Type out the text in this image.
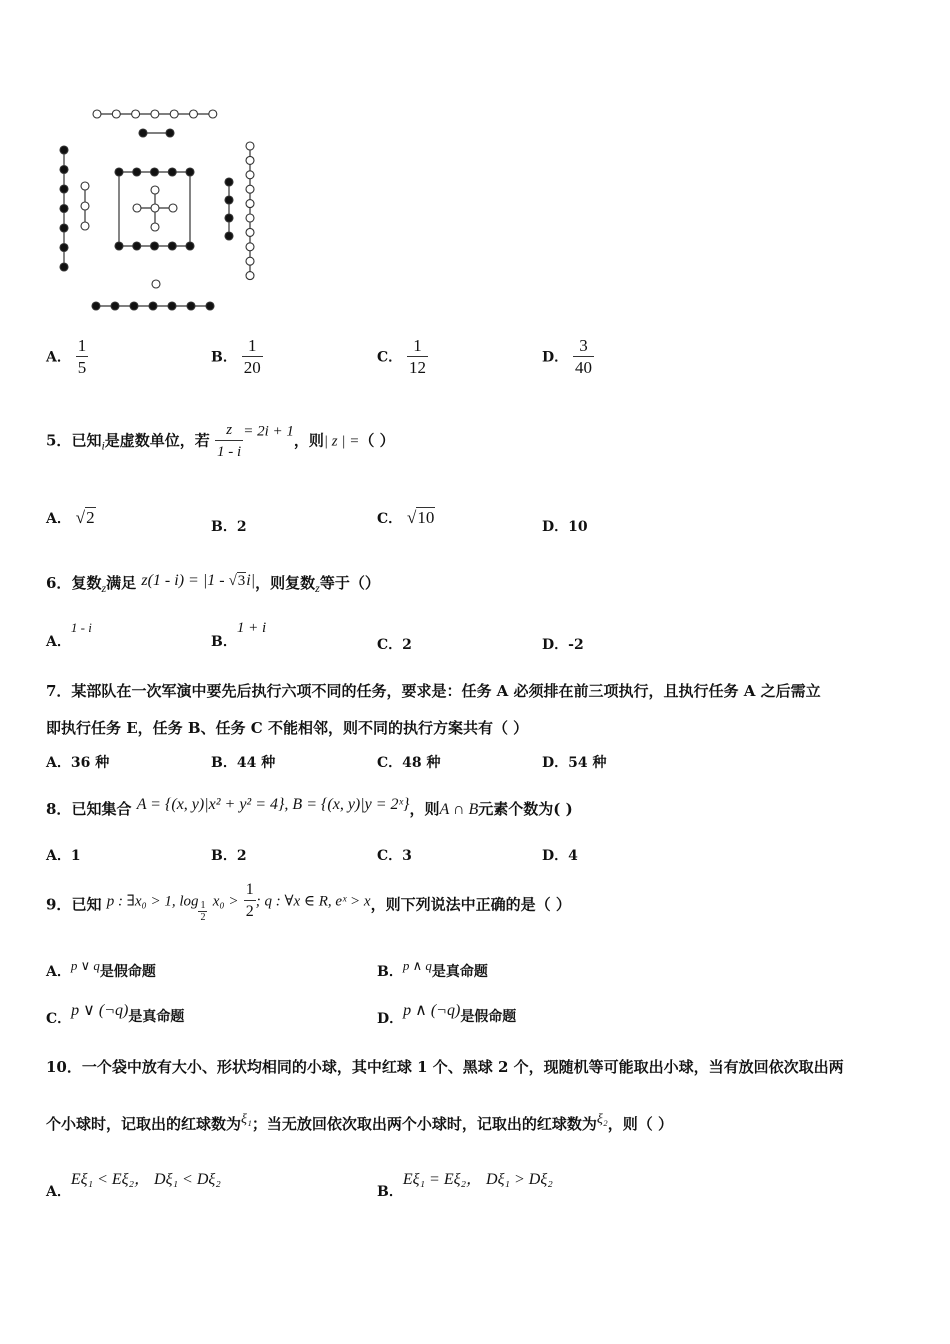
A． $\frac{1}{5}$	B． $\frac{1}{20}$	C． $\frac{1}{12}$	D． $\frac{3}{40}$
5．已知$_i$是虚数单位，若 $\frac{z}{1 - i} = 2i + 1$，则| z | =（ ）
A． √2	B．2	C． √10	D．10
6．复数$_z$满足 z(1 - i) = |1 - √3i|，则复数$_z$等于（）
A．1 - i
B．1 + i
C．2	D．-2
7．某部队在一次军演中要先后执行六项不同的任务，要求是：任务 A 必须排在前三项执行，且执行任务 A 之后需立
即执行任务 E，任务 B、任务 C 不能相邻，则不同的执行方案共有（ ）
A．36 种	B．44 种	C．48 种	D．54 种
8．已知集合 A = {(x, y)|x² + y² = 4}, B = {(x, y)|y = 2ˣ}，则A ∩ B元素个数为( )
A．1	B．2	C．3	D．4
9．已知 p : ∃x₀ > 1, $\log \frac{1}{2} x_0 > \frac{1}{2}$ ; q : ∀x ∈ R, eˣ > x，则下列说法中正确的是（ ）
A．p ∨ q是假命题	B．p ∧ q是真命题
C．p ∨ (¬q)是真命题	D．p ∧ (¬q)是假命题
10．一个袋中放有大小、形状均相同的小球，其中红球 1 个、黑球 2 个，现随机等可能取出小球，当有放回依次取出两
个小球时，记取出的红球数为ξ₁；当无放回依次取出两个小球时，记取出的红球数为ξ₂，则（ ）
A．Eξ₁ < Eξ₂， Dξ₁ < Dξ₂
B．Eξ₁ = Eξ₂， Dξ₁ > Dξ₂
